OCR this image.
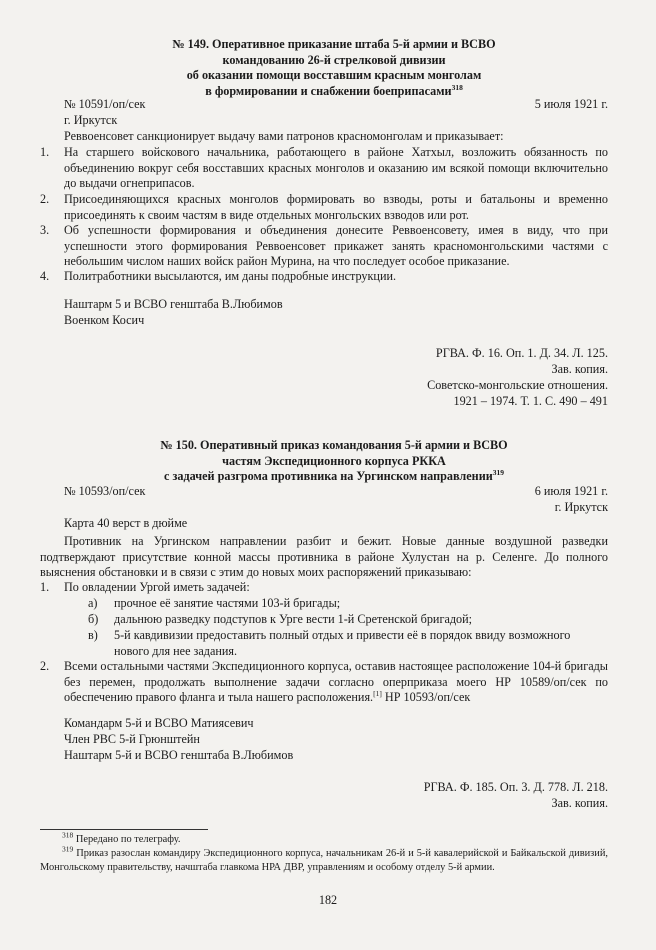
№ 149. Оперативное приказание штаба 5-й армии и ВСВО
командованию 26-й стрелковой дивизии
об оказании помощи восставшим красным монголам
в формировании и снабжении боеприпасами$^{318}$
№ 10591/оп/сек	5 июля 1921 г.
г. Иркутск
Реввоенсовет санкционирует выдачу вами патронов красномонголам и приказывает:
1.	На старшего войскового начальника, работающего в районе Хатхыл, возложить обязанность по объединению вокруг себя восставших красных монголов и оказанию им всякой помощи включительно до выдачи огнеприпасов.
2.	Присоединяющихся красных монголов формировать во взводы, роты и батальоны и временно присоединять к своим частям в виде отдельных монгольских взводов или рот.
3.	Об успешности формирования и объединения донесите Реввоенсовету, имея в виду, что при успешности этого формирования Реввоенсовет прикажет занять красномонгольскими частями с небольшим числом наших войск район Мурина, на что последует особое приказание.
4.	Политработники высылаются, им даны подробные инструкции.
Наштарм 5 и ВСВО генштаба В.Любимов
Военком Косич
РГВА. Ф. 16. Оп. 1. Д. 34. Л. 125.
Зав. копия.
Советско-монгольские отношения.
1921 – 1974. Т. 1. С. 490 – 491
№ 150. Оперативный приказ командования 5-й армии и ВСВО
частям Экспедиционного корпуса РККА
с задачей разгрома противника на Ургинском направлении$^{319}$
№ 10593/оп/сек	6 июля 1921 г.
г. Иркутск
Карта 40 верст в дюйме
Противник на Ургинском направлении разбит и бежит. Новые данные воздушной разведки подтверждают присутствие конной массы противника в районе Хулустан на р. Селенге. До полного выяснения обстановки и в связи с этим до новых моих распоряжений приказываю:
1.	По овладении Ургой иметь задачей:
а)	прочное её занятие частями 103-й бригады;
б)	дальнюю разведку подступов к Урге вести 1-й Сретенской бригадой;
в)	5-й кавдивизии предоставить полный отдых и привести её в порядок ввиду возможного нового для нее задания.
2.	Всеми остальными частями Экспедиционного корпуса, оставив настоящее расположение 104-й бригады без перемен, продолжать выполнение задачи согласно оперприказа моего НР 10589/оп/сек по обеспечению правого фланга и тыла нашего расположения.[1] НР 10593/оп/сек
Командарм 5-й и ВСВО Матиясевич
Член РВС 5-й Грюнштейн
Наштарм 5-й и ВСВО генштаба В.Любимов
РГВА. Ф. 185. Оп. 3. Д. 778. Л. 218.
Зав. копия.
$^{318}$ Передано по телеграфу.
$^{319}$ Приказ разослан командиру Экспедиционного корпуса, начальникам 26-й и 5-й кавалерийской и Байкальской дивизий, Монгольскому правительству, начштаба главкома НРА ДВР, управлениям и особому отделу 5-й армии.
182
